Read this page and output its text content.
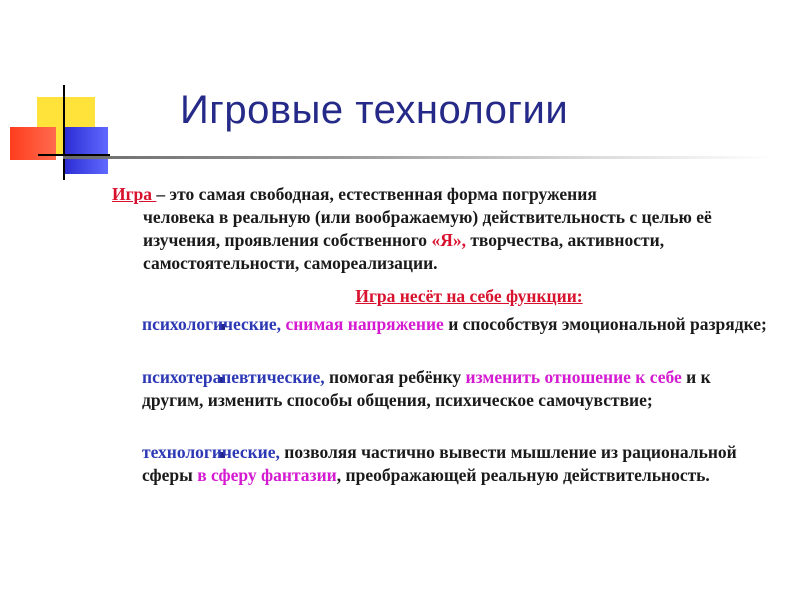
Игровые технологии
Игра – это самая свободная, естественная форма погружения
человека в реальную (или воображаемую) действительность с целью её изучения, проявления собственного «Я», творчества, активности, самостоятельности, самореализации.
Игра несёт на себе функции:
психологические, снимая напряжение и способствуя эмоциональной разрядке;
психотерапевтические, помогая ребёнку изменить отношение к себе и к другим, изменить способы общения, психическое самочувствие;
технологические, позволяя частично вывести мышление из рациональной сферы в сферу фантазии, преображающей реальную действительность.
